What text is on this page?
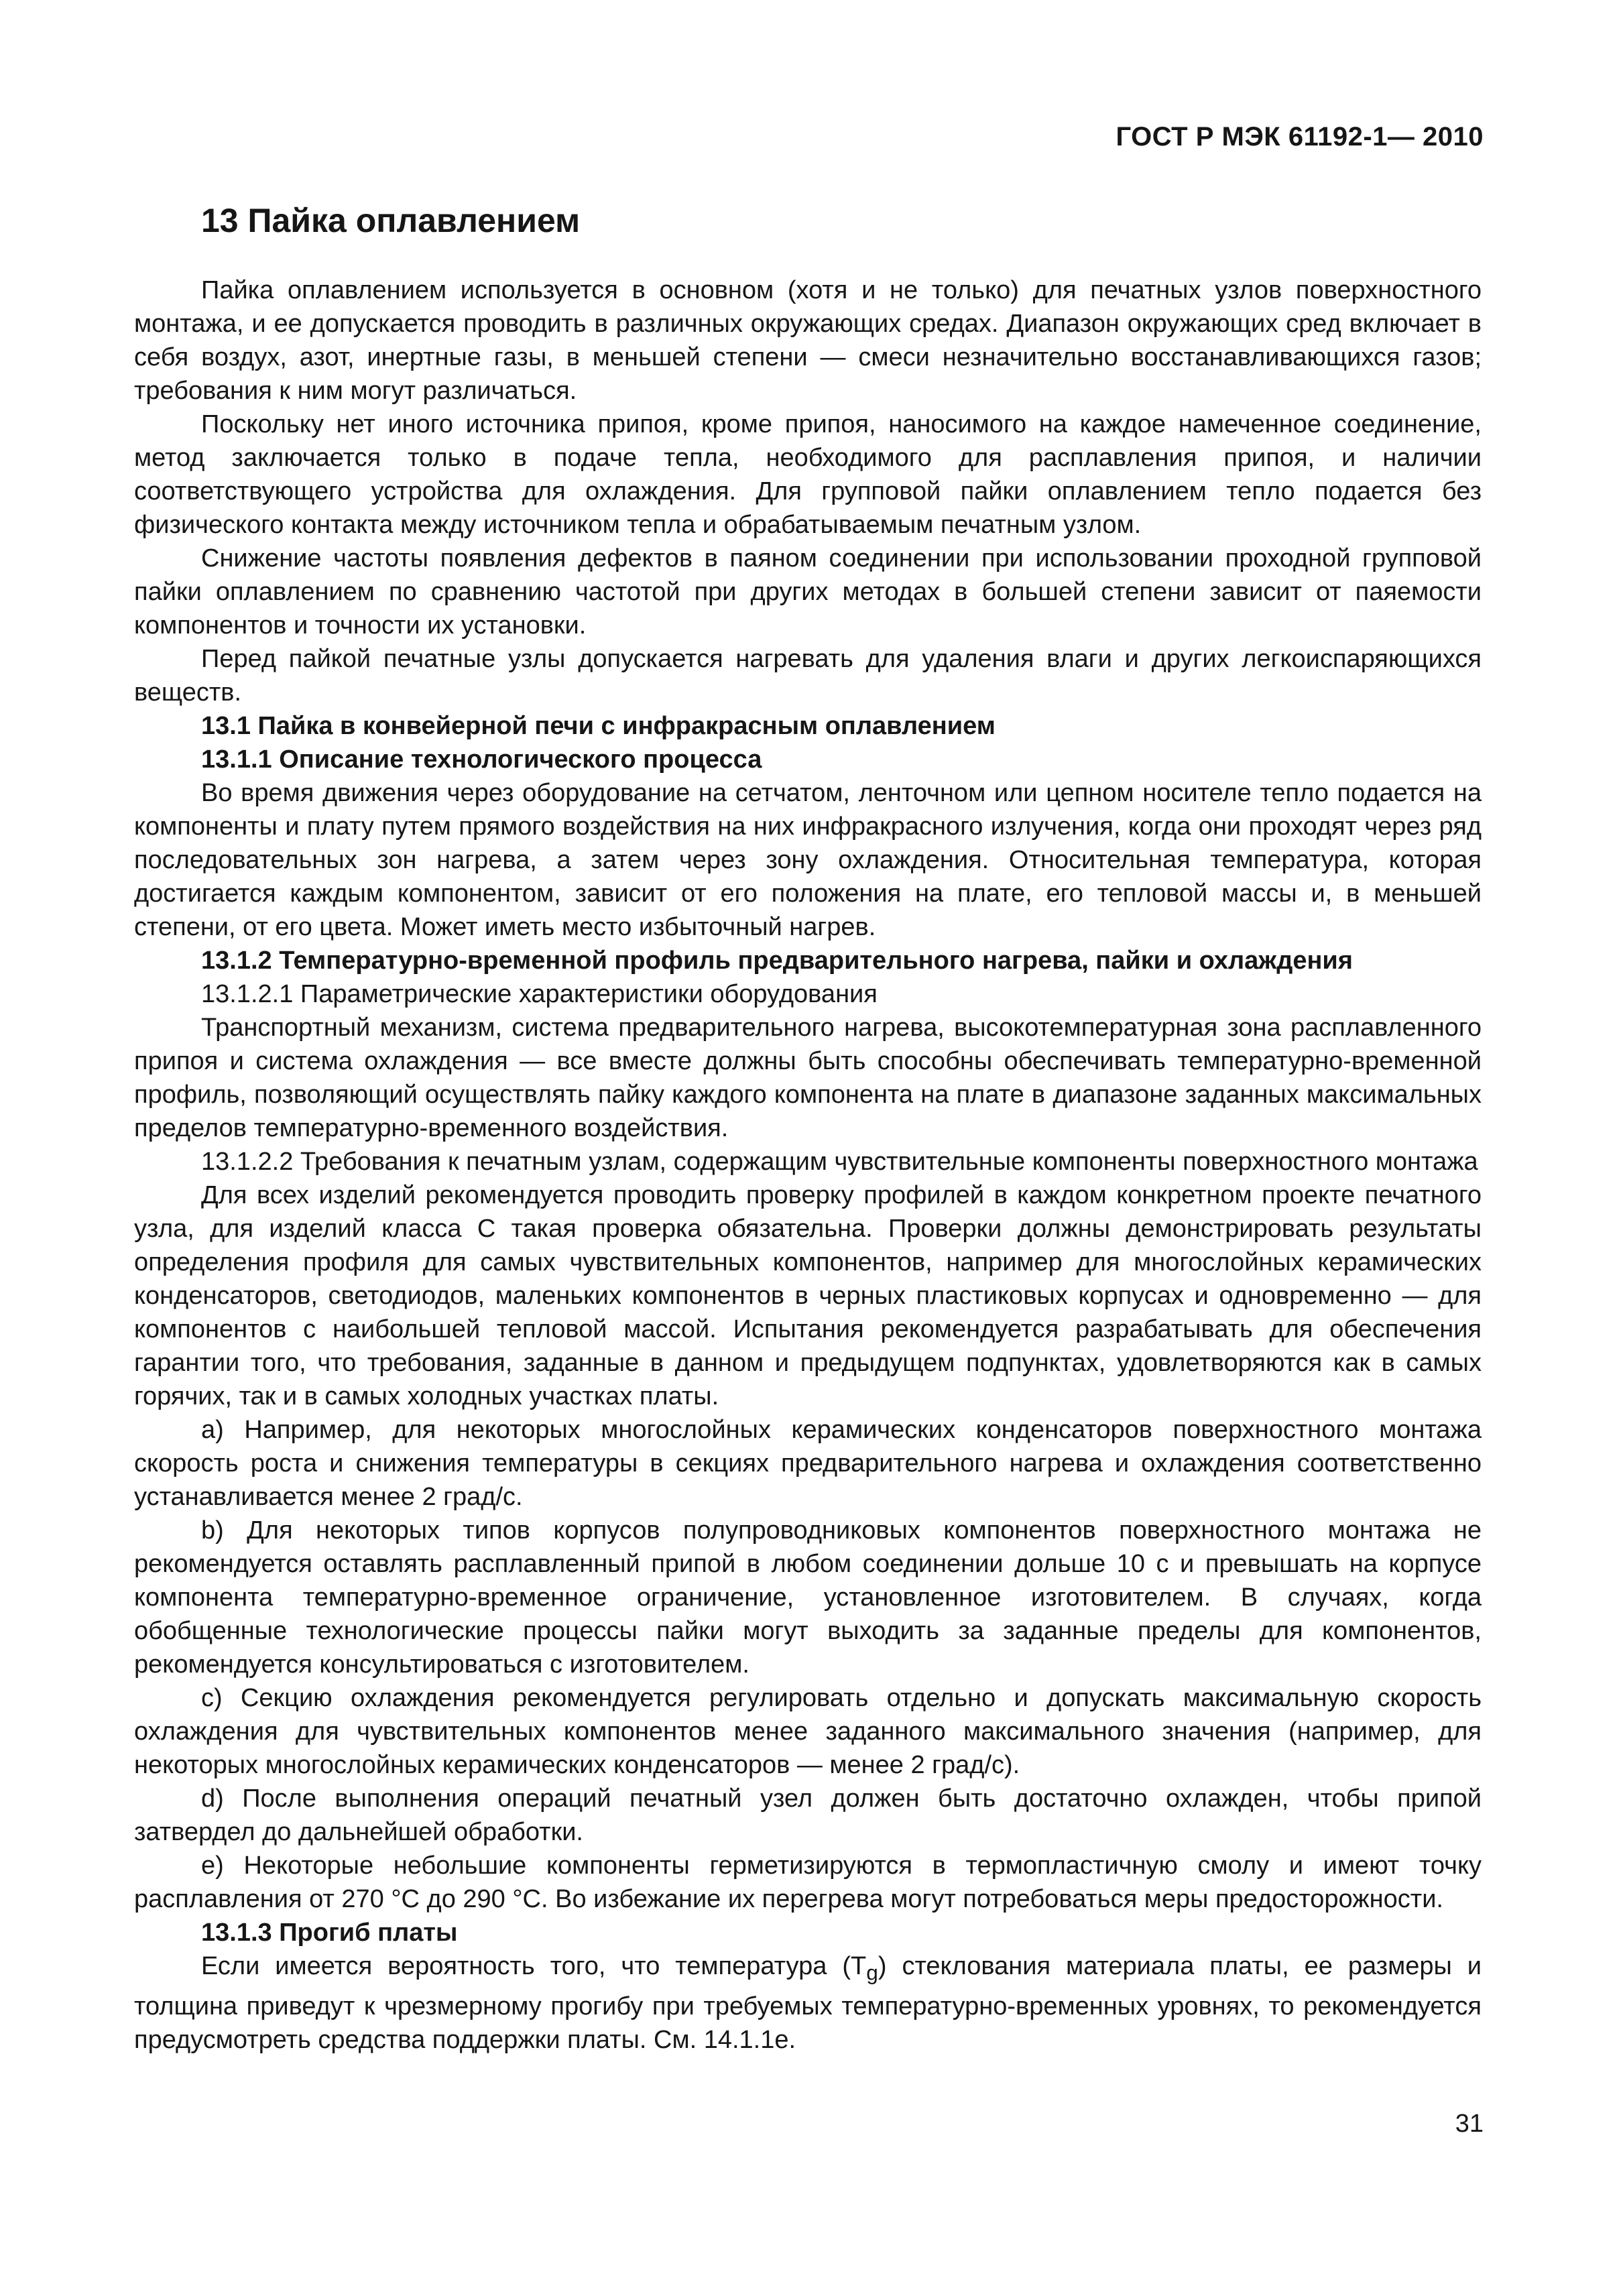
ГОСТ Р МЭК 61192-1— 2010
13 Пайка оплавлением

Пайка оплавлением используется в основном (хотя и не только) для печатных узлов поверхностного монтажа, и ее допускается проводить в различных окружающих средах. Диапазон окружающих сред включает в себя воздух, азот, инертные газы, в меньшей степени — смеси незначительно восстанавливающихся газов; требования к ним могут различаться.

Поскольку нет иного источника припоя, кроме припоя, наносимого на каждое намеченное соединение, метод заключается только в подаче тепла, необходимого для расплавления припоя, и наличии соответствующего устройства для охлаждения. Для групповой пайки оплавлением тепло подается без физического контакта между источником тепла и обрабатываемым печатным узлом.

Снижение частоты появления дефектов в паяном соединении при использовании проходной групповой пайки оплавлением по сравнению частотой при других методах в большей степени зависит от паяемости компонентов и точности их установки.

Перед пайкой печатные узлы допускается нагревать для удаления влаги и других легкоиспаряющихся веществ.

13.1 Пайка в конвейерной печи с инфракрасным оплавлением

13.1.1 Описание технологического процесса

Во время движения через оборудование на сетчатом, ленточном или цепном носителе тепло подается на компоненты и плату путем прямого воздействия на них инфракрасного излучения, когда они проходят через ряд последовательных зон нагрева, а затем через зону охлаждения. Относительная температура, которая достигается каждым компонентом, зависит от его положения на плате, его тепловой массы и, в меньшей степени, от его цвета. Может иметь место избыточный нагрев.

13.1.2 Температурно-временной профиль предварительного нагрева, пайки и охлаждения

13.1.2.1 Параметрические характеристики оборудования

Транспортный механизм, система предварительного нагрева, высокотемпературная зона расплавленного припоя и система охлаждения — все вместе должны быть способны обеспечивать температурно-временной профиль, позволяющий осуществлять пайку каждого компонента на плате в диапазоне заданных максимальных пределов температурно-временного воздействия.

13.1.2.2 Требования к печатным узлам, содержащим чувствительные компоненты поверхностного монтажа

Для всех изделий рекомендуется проводить проверку профилей в каждом конкретном проекте печатного узла, для изделий класса С такая проверка обязательна. Проверки должны демонстрировать результаты определения профиля для самых чувствительных компонентов, например для многослойных керамических конденсаторов, светодиодов, маленьких компонентов в черных пластиковых корпусах и одновременно — для компонентов с наибольшей тепловой массой. Испытания рекомендуется разрабатывать для обеспечения гарантии того, что требования, заданные в данном и предыдущем подпунктах, удовлетворяются как в самых горячих, так и в самых холодных участках платы.

a) Например, для некоторых многослойных керамических конденсаторов поверхностного монтажа скорость роста и снижения температуры в секциях предварительного нагрева и охлаждения соответственно устанавливается менее 2 град/с.

b) Для некоторых типов корпусов полупроводниковых компонентов поверхностного монтажа не рекомендуется оставлять расплавленный припой в любом соединении дольше 10 с и превышать на корпусе компонента температурно-временное ограничение, установленное изготовителем. В случаях, когда обобщенные технологические процессы пайки могут выходить за заданные пределы для компонентов, рекомендуется консультироваться с изготовителем.

c) Секцию охлаждения рекомендуется регулировать отдельно и допускать максимальную скорость охлаждения для чувствительных компонентов менее заданного максимального значения (например, для некоторых многослойных керамических конденсаторов — менее 2 град/с).

d) После выполнения операций печатный узел должен быть достаточно охлажден, чтобы припой затвердел до дальнейшей обработки.

e) Некоторые небольшие компоненты герметизируются в термопластичную смолу и имеют точку расплавления от 270 °С до 290 °С. Во избежание их перегрева могут потребоваться меры предосторожности.

13.1.3 Прогиб платы

Если имеется вероятность того, что температура $(T_g)$ стеклования материала платы, ее размеры и толщина приведут к чрезмерному прогибу при требуемых температурно-временных уровнях, то рекомендуется предусмотреть средства поддержки платы. См. 14.1.1е.

31
